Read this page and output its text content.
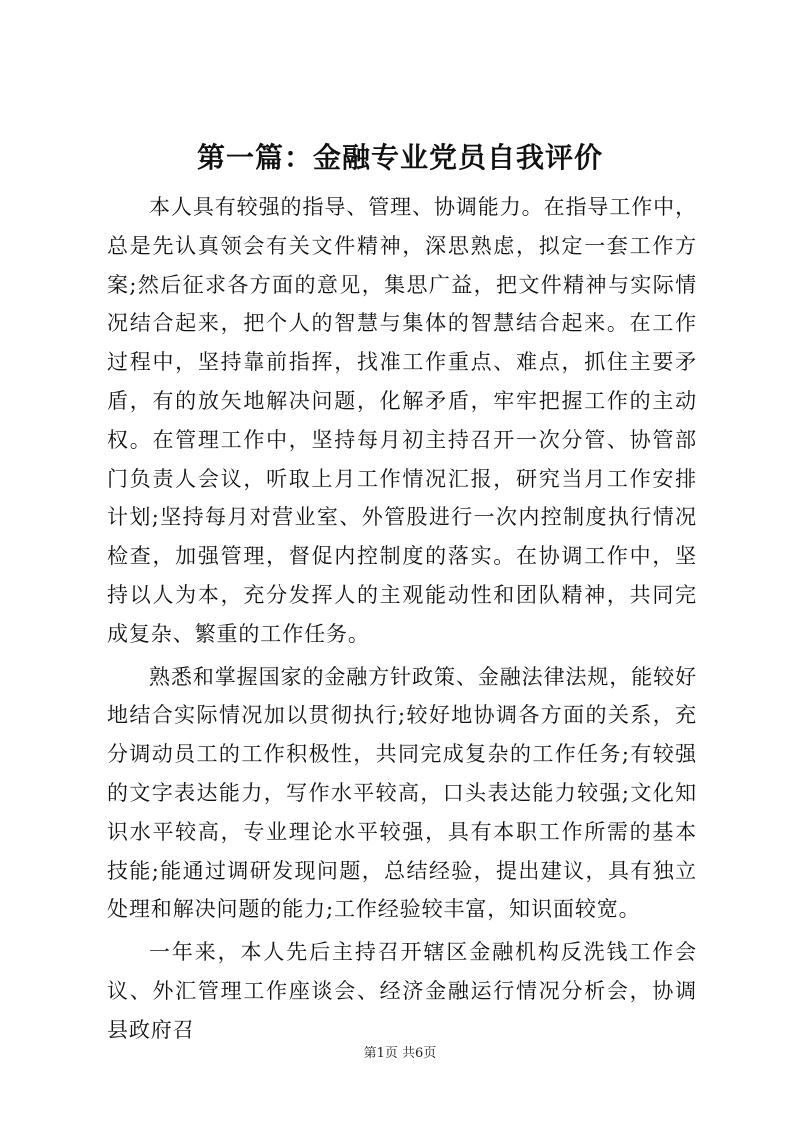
第一篇：金融专业党员自我评价

本人具有较强的指导、管理、协调能力。在指导工作中，总是先认真领会有关文件精神，深思熟虑，拟定一套工作方案;然后征求各方面的意见，集思广益，把文件精神与实际情况结合起来，把个人的智慧与集体的智慧结合起来。在工作过程中，坚持靠前指挥，找准工作重点、难点，抓住主要矛盾，有的放矢地解决问题，化解矛盾，牢牢把握工作的主动权。在管理工作中，坚持每月初主持召开一次分管、协管部门负责人会议，听取上月工作情况汇报，研究当月工作安排计划;坚持每月对营业室、外管股进行一次内控制度执行情况检查，加强管理，督促内控制度的落实。在协调工作中，坚持以人为本，充分发挥人的主观能动性和团队精神，共同完成复杂、繁重的工作任务。

熟悉和掌握国家的金融方针政策、金融法律法规，能较好地结合实际情况加以贯彻执行;较好地协调各方面的关系，充分调动员工的工作积极性，共同完成复杂的工作任务;有较强的文字表达能力，写作水平较高，口头表达能力较强;文化知识水平较高，专业理论水平较强，具有本职工作所需的基本技能;能通过调研发现问题，总结经验，提出建议，具有独立处理和解决问题的能力;工作经验较丰富，知识面较宽。

一年来，本人先后主持召开辖区金融机构反洗钱工作会议、外汇管理工作座谈会、经济金融运行情况分析会，协调县政府召

第1页 共6页
